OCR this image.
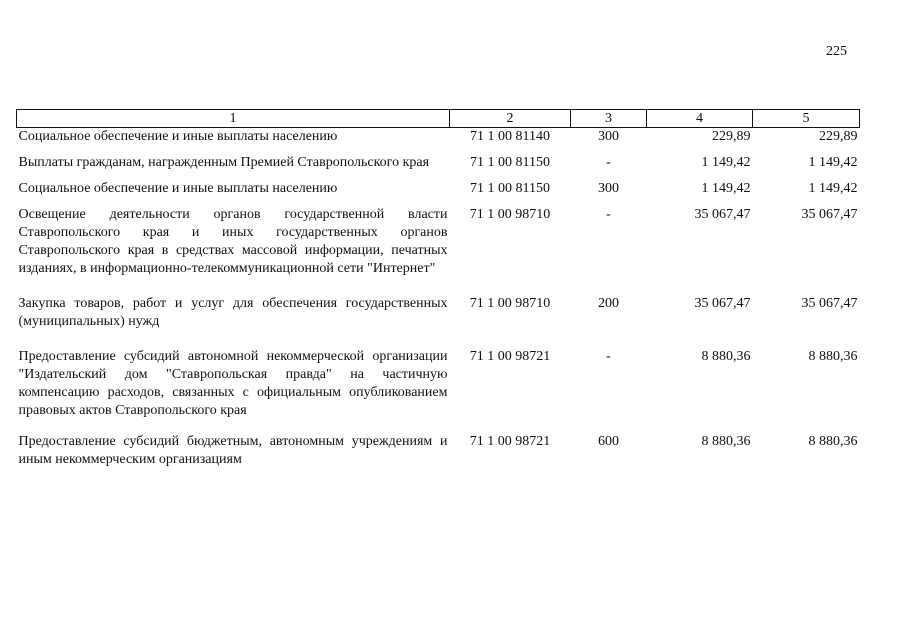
225
1	2	3	4	5
Социальное обеспечение и иные выплаты населению	71 1 00 81140	300	229,89	229,89
Выплаты гражданам, награжденным Премией Ставропольского края	71 1 00 81150	-	1 149,42	1 149,42
Социальное обеспечение и иные выплаты населению	71 1 00 81150	300	1 149,42	1 149,42
Освещение деятельности органов государственной власти Ставропольского края и иных государственных органов Ставропольского края в средствах массовой информации, печатных изданиях, в информационно-телекоммуникационной сети "Интернет"	71 1 00 98710	-	35 067,47	35 067,47
Закупка товаров, работ и услуг для обеспечения государственных (муниципальных) нужд	71 1 00 98710	200	35 067,47	35 067,47
Предоставление субсидий автономной некоммерческой организации "Издательский дом "Ставропольская правда" на частичную компенсацию расходов, связанных с официальным опубликованием правовых актов Ставропольского края	71 1 00 98721	-	8 880,36	8 880,36
Предоставление субсидий бюджетным, автономным учреждениям и иным некоммерческим организациям	71 1 00 98721	600	8 880,36	8 880,36
